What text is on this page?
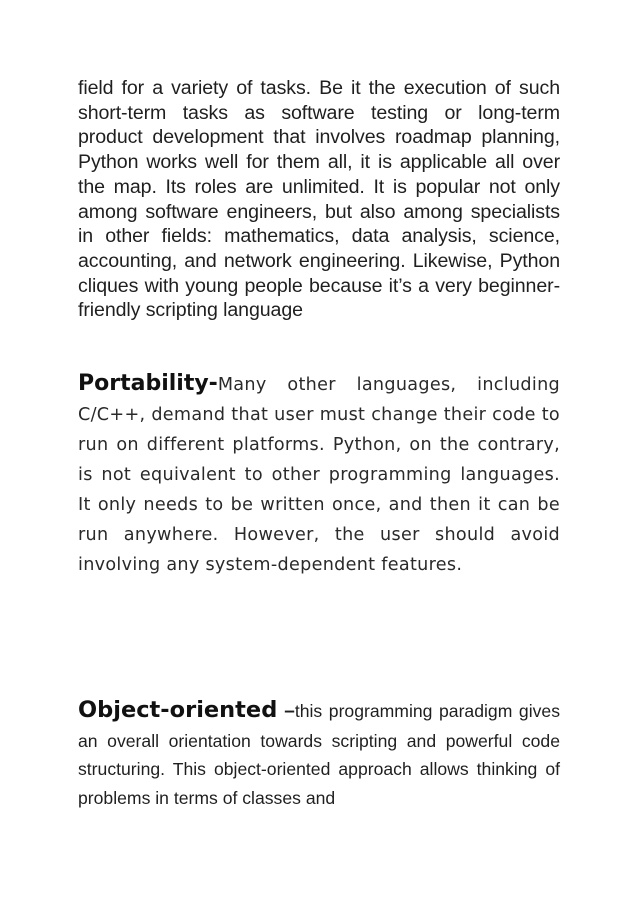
field for a variety of tasks. Be it the execution of such short-term tasks as software testing or long-term product development that involves roadmap planning, Python works well for them all, it is applicable all over the map. Its roles are unlimited. It is popular not only among software engineers, but also among specialists in other fields: mathematics, data analysis, science, accounting, and network engineering. Likewise, Python cliques with young people because it’s a very beginner-friendly scripting language

Portability-Many other languages, including C/C++, demand that user must change their code to run on different platforms. Python, on the contrary, is not equivalent to other programming languages. It only needs to be written once, and then it can be run anywhere. However, the user should avoid involving any system-dependent features.

Object-oriented –this programming paradigm gives an overall orientation towards scripting and powerful code structuring. This object-oriented approach allows thinking of problems in terms of classes and
